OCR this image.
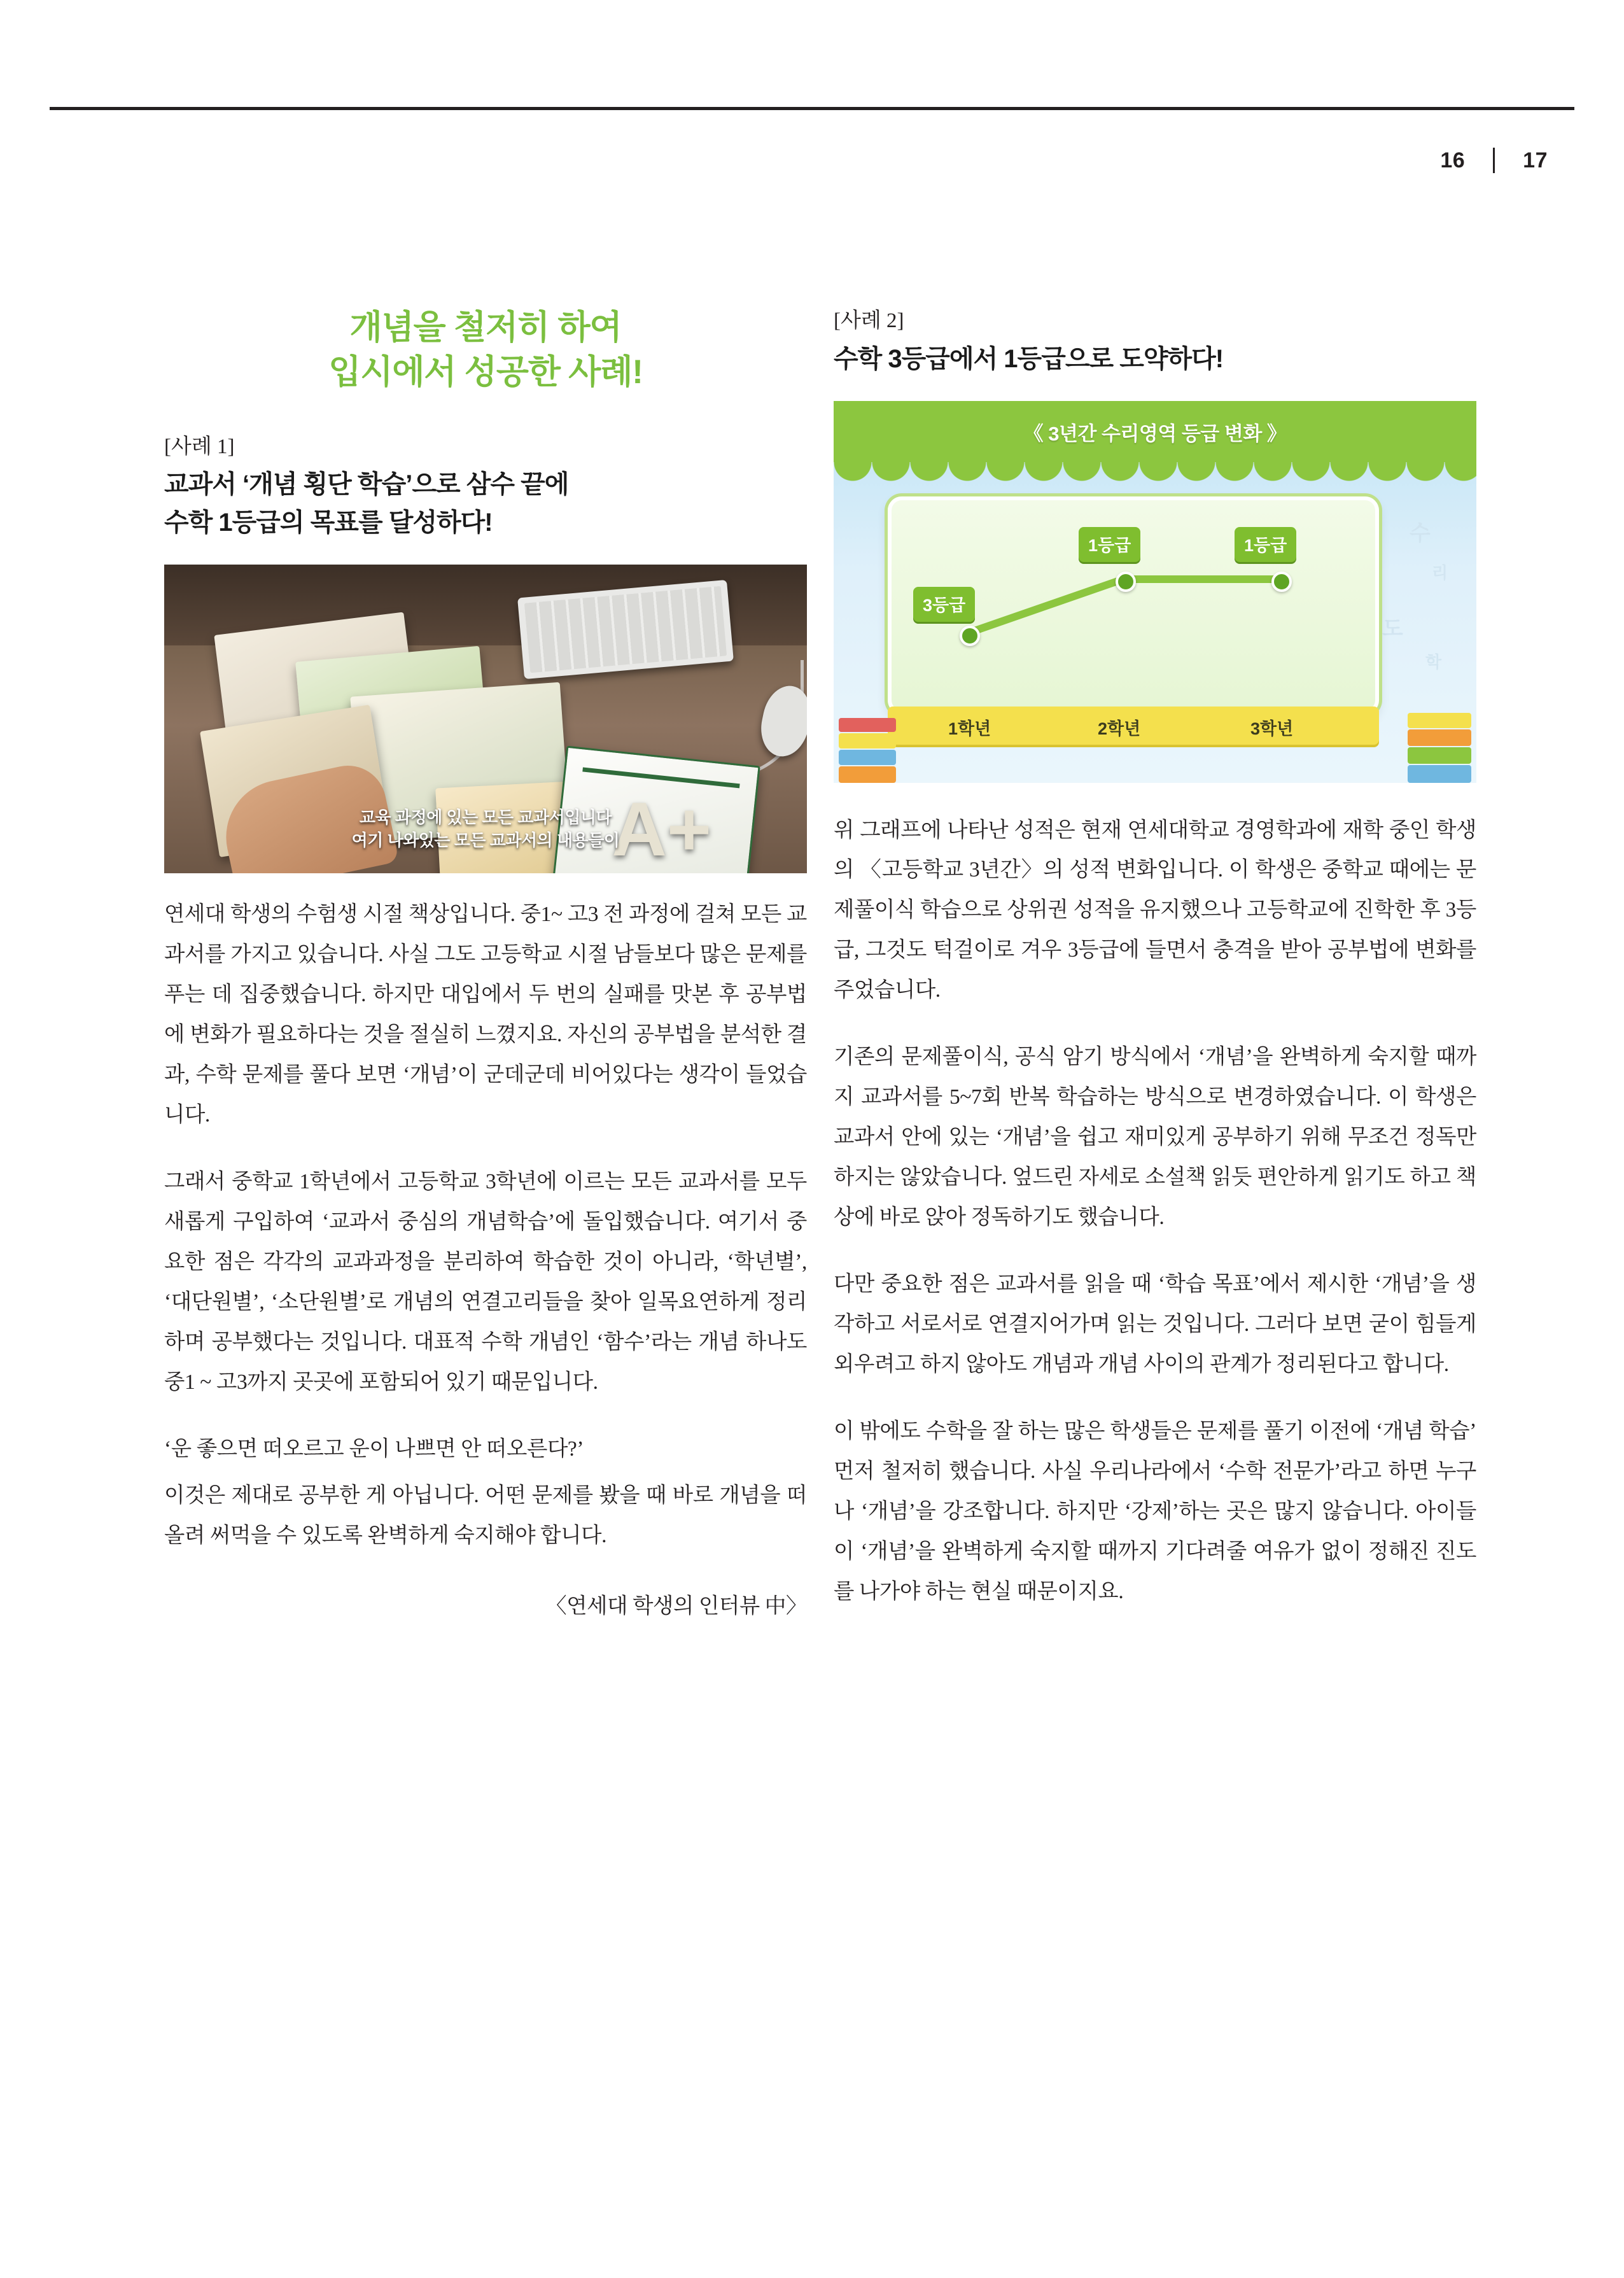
16	17
개념을 철저히 하여
입시에서 성공한 사례!

[사례 1]

교과서 ‘개념 횡단 학습’으로 삼수 끝에
수학 1등급의 목표를 달성하다!
A+
교육 과정에 있는 모든 교과서입니다
여기 나와있는 모든 교과서의 내용들이

연세대 학생의 수험생 시절 책상입니다. 중1~ 고3 전 과정에 걸쳐 모든 교과서를 가지고 있습니다. 사실 그도 고등학교 시절 남들보다 많은 문제를 푸는 데 집중했습니다. 하지만 대입에서 두 번의 실패를 맛본 후 공부법에 변화가 필요하다는 것을 절실히 느꼈지요. 자신의 공부법을 분석한 결과, 수학 문제를 풀다 보면 ‘개념’이 군데군데 비어있다는 생각이 들었습니다.

그래서 중학교 1학년에서 고등학교 3학년에 이르는 모든 교과서를 모두 새롭게 구입하여 ‘교과서 중심의 개념학습’에 돌입했습니다. 여기서 중요한 점은 각각의 교과과정을 분리하여 학습한 것이 아니라, ‘학년별’, ‘대단원별’, ‘소단원별’로 개념의 연결고리들을 찾아 일목요연하게 정리하며 공부했다는 것입니다. 대표적 수학 개념인 ‘함수’라는 개념 하나도 중1 ~ 고3까지 곳곳에 포함되어 있기 때문입니다.

‘운 좋으면 떠오르고 운이 나쁘면 안 떠오른다?’

이것은 제대로 공부한 게 아닙니다. 어떤 문제를 봤을 때 바로 개념을 떠올려 써먹을 수 있도록 완벽하게 숙지해야 합니다.

〈연세대 학생의 인터뷰 中〉

[사례 2]

수학 3등급에서 1등급으로 도약하다!
《 3년간 수리영역 등급 변화 》
수
리
도
학
3등급
1등급	1등급
1학년	2학년	3학년

위 그래프에 나타난 성적은 현재 연세대학교 경영학과에 재학 중인 학생의 〈고등학교 3년간〉의 성적 변화입니다. 이 학생은 중학교 때에는 문제풀이식 학습으로 상위권 성적을 유지했으나 고등학교에 진학한 후 3등급, 그것도 턱걸이로 겨우 3등급에 들면서 충격을 받아 공부법에 변화를 주었습니다.

기존의 문제풀이식, 공식 암기 방식에서 ‘개념’을 완벽하게 숙지할 때까지 교과서를 5~7회 반복 학습하는 방식으로 변경하였습니다. 이 학생은 교과서 안에 있는 ‘개념’을 쉽고 재미있게 공부하기 위해 무조건 정독만 하지는 않았습니다. 엎드린 자세로 소설책 읽듯 편안하게 읽기도 하고 책상에 바로 앉아 정독하기도 했습니다.

다만 중요한 점은 교과서를 읽을 때 ‘학습 목표’에서 제시한 ‘개념’을 생각하고 서로서로 연결지어가며 읽는 것입니다. 그러다 보면 굳이 힘들게 외우려고 하지 않아도 개념과 개념 사이의 관계가 정리된다고 합니다.

이 밖에도 수학을 잘 하는 많은 학생들은 문제를 풀기 이전에 ‘개념 학습’ 먼저 철저히 했습니다. 사실 우리나라에서 ‘수학 전문가’라고 하면 누구나 ‘개념’을 강조합니다. 하지만 ‘강제’하는 곳은 많지 않습니다. 아이들이 ‘개념’을 완벽하게 숙지할 때까지 기다려줄 여유가 없이 정해진 진도를 나가야 하는 현실 때문이지요.
